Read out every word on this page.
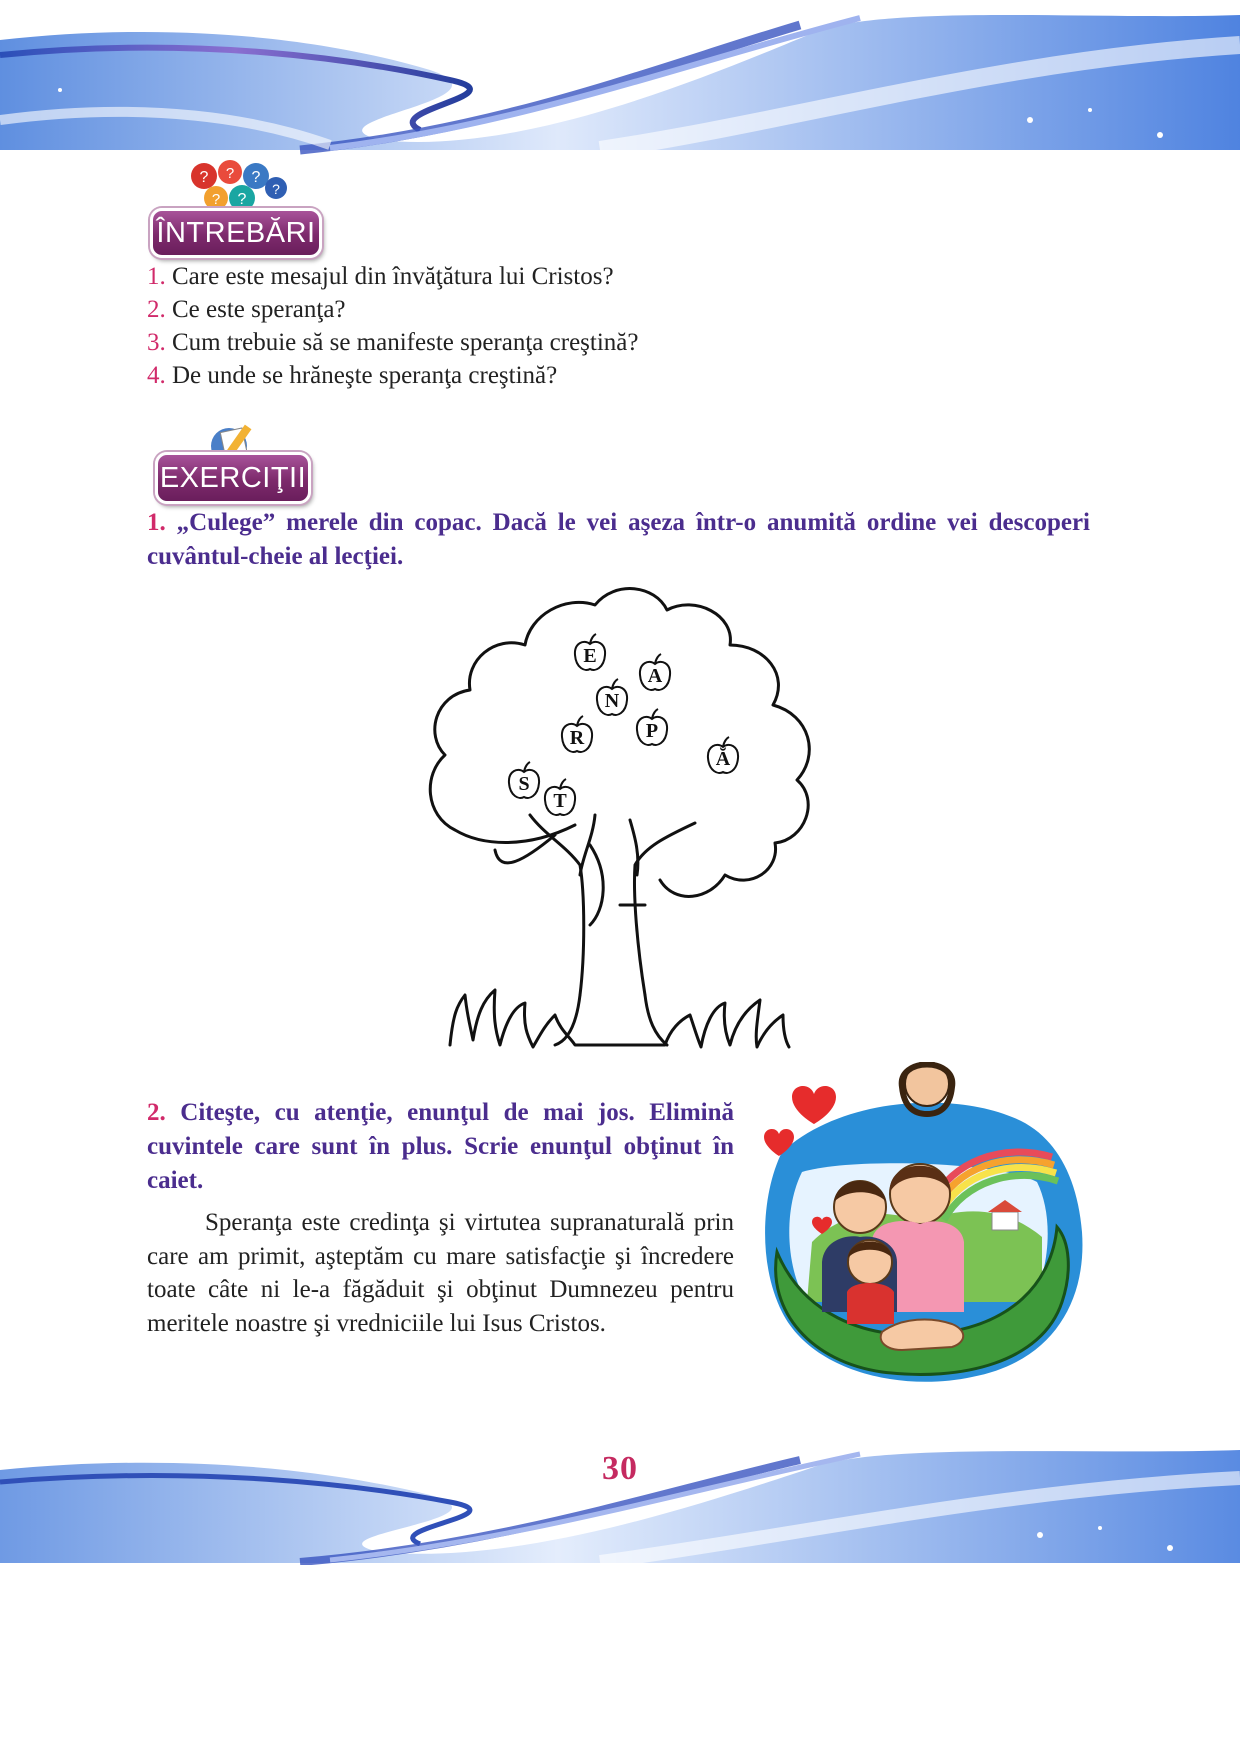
? ? ?
? ?
?
ÎNTREBĂRI
1. Care este mesajul din învăţătura lui Cristos?
2. Ce este speranţa?
3. Cum trebuie să se manifeste speranţa creştină?
4. De unde se hrăneşte speranţa creştină?
EXERCIŢII
1. „Culege” merele din copac. Dacă le vei aşeza într-o anumită ordine vei descoperi cuvântul-cheie al lecţiei.
E
A
N
P
R
Ă
S
T
2. Citeşte, cu atenţie, enunţul de mai jos. Elimină cuvintele care sunt în plus. Scrie enunţul obţinut în caiet.
Speranţa este credinţa şi virtutea supranaturală prin care am primit, aşteptăm cu mare satisfacţie şi încredere toate câte ni le-a făgăduit şi obţinut Dumnezeu pentru meritele noastre şi vredniciile lui Isus Cristos.
30
